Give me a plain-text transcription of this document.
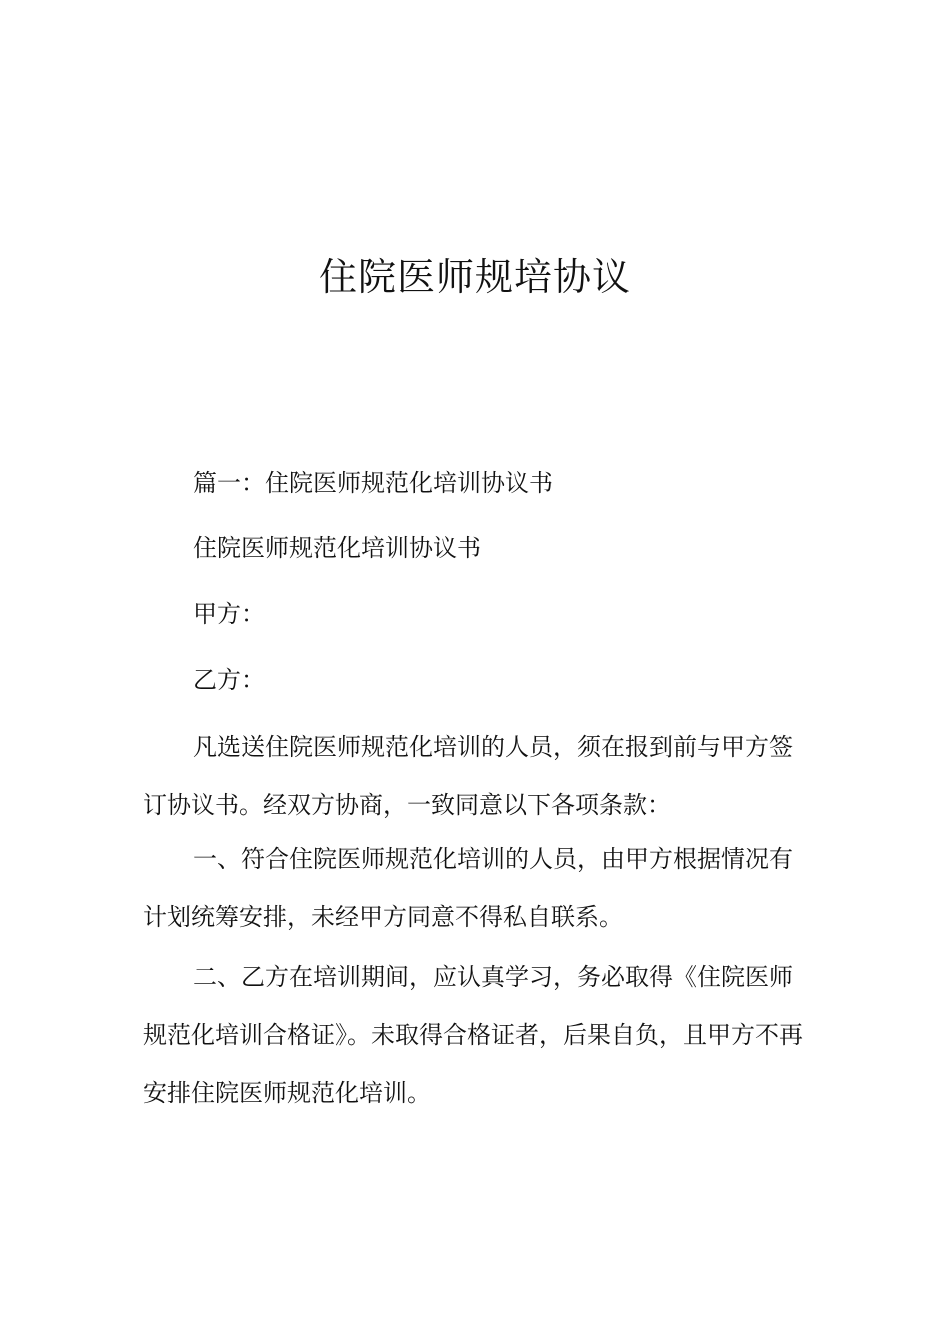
住院医师规培协议

篇一：住院医师规范化培训协议书

住院医师规范化培训协议书

甲方：

乙方：

凡选送住院医师规范化培训的人员，须在报到前与甲方签订协议书。经双方协商，一致同意以下各项条款：

一、符合住院医师规范化培训的人员，由甲方根据情况有计划统筹安排，未经甲方同意不得私自联系。

二、乙方在培训期间，应认真学习，务必取得《住院医师规范化培训合格证》。未取得合格证者，后果自负，且甲方不再安排住院医师规范化培训。
